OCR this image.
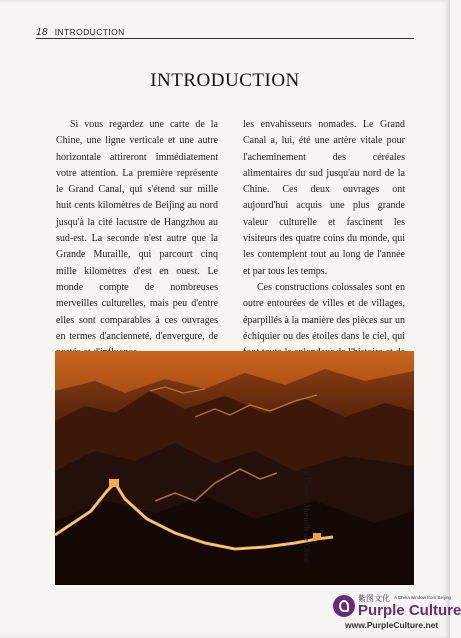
18 INTRODUCTION
INTRODUCTION

Si vous regardez une carte de la Chine, une ligne verticale et une autre horizontale attireront immédiatement votre attention. La première représente le Grand Canal, qui s'étend sur mille huit cents kilomètres de Beijing au nord jusqu'à la cité lacustre de Hangzhou au sud-est. La seconde n'est autre que la Grande Muraille, qui parcourt cinq mille kilomètres d'est en ouest. Le monde compte de nombreuses merveilles culturelles, mais peu d'entre elles sont comparables à ces ouvrages en termes d'ancienneté, d'envergure, de

les envahisseurs nomades. Le Grand Canal a, lui, été une artère vitale pour l'acheminement des céréales alimentaires du sud jusqu'au nord de la Chine. Ces deux ouvrages ont aujourd'hui acquis une plus grande valeur culturelle et fascinent les visiteurs des quatre coins du monde, qui les contemplent tout au long de l'année et par tous les temps.

Ces constructions colossales sont en outre entourées de villes et de villages, éparpillés à la manière des pièces sur un échiquier ou des étoiles dans le ciel, qui

La Grande Muraille de Chine
紫图文化 A China window from Beijing
Purple Culture
www.PurpleCulture.net
